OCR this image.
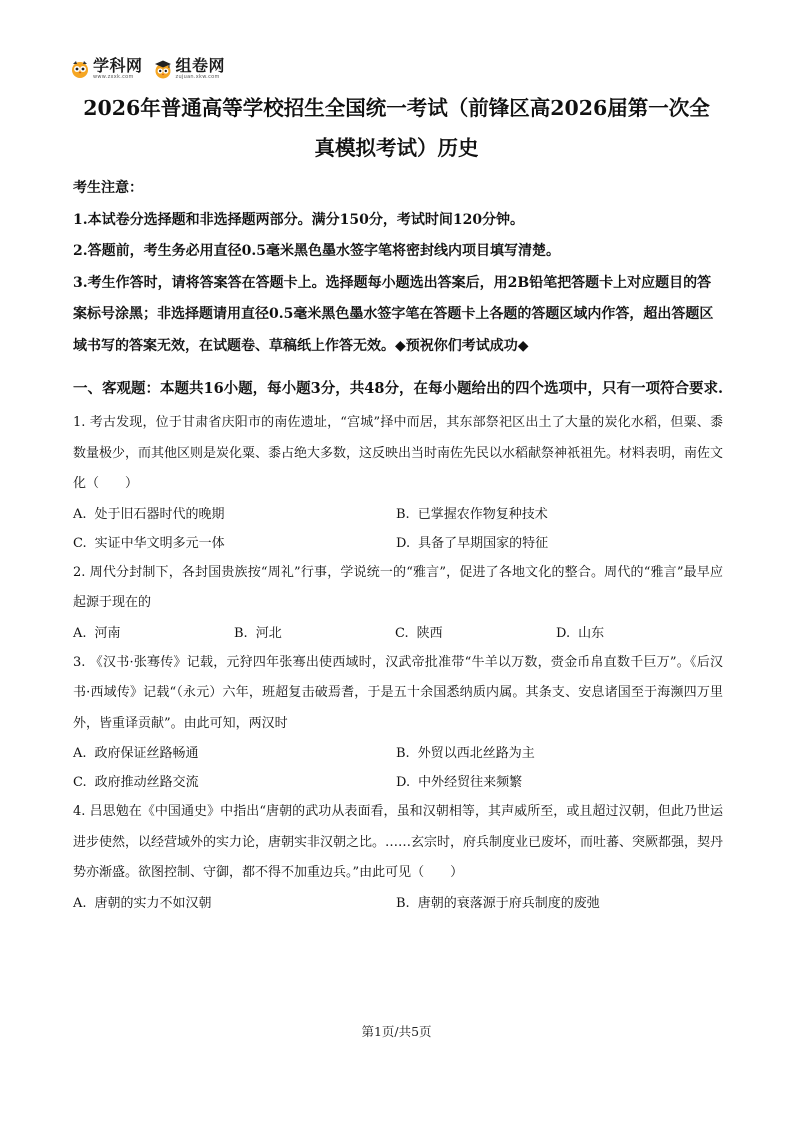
学科网
www.zxxk.com
组卷网
zujuan.xkw.com
2026年普通高等学校招生全国统一考试（前锋区高2026届第一次全
真模拟考试）历史

考生注意：

1.本试卷分选择题和非选择题两部分。满分150分，考试时间120分钟。

2.答题前，考生务必用直径0.5毫米黑色墨水签字笔将密封线内项目填写清楚。

3.考生作答时，请将答案答在答题卡上。选择题每小题选出答案后，用2B铅笔把答题卡上对应题目的答案标号涂黑；非选择题请用直径0.5毫米黑色墨水签字笔在答题卡上各题的答题区域内作答，超出答题区域书写的答案无效，在试题卷、草稿纸上作答无效。◆预祝你们考试成功◆

一、客观题：本题共16小题，每小题3分，共48分，在每小题给出的四个选项中，只有一项符合要求.

1. 考古发现，位于甘肃省庆阳市的南佐遗址，“宫城”择中而居，其东部祭祀区出土了大量的炭化水稻，但粟、黍数量极少，而其他区则是炭化粟、黍占绝大多数，这反映出当时南佐先民以水稻献祭神祇祖先。材料表明，南佐文化（　　）

A. 处于旧石器时代的晚期	B. 已掌握农作物复种技术
C. 实证中华文明多元一体	D. 具备了早期国家的特征

2. 周代分封制下，各封国贵族按“周礼”行事，学说统一的“雅言”，促进了各地文化的整合。周代的“雅言”最早应起源于现在的

A. 河南	B. 河北	C. 陕西	D. 山东

3. 《汉书·张骞传》记载，元狩四年张骞出使西域时，汉武帝批准带“牛羊以万数，赍金币帛直数千巨万”。《后汉书·西域传》记载“（永元）六年，班超复击破焉耆，于是五十余国悉纳质内属。其条支、安息诸国至于海濒四万里外，皆重译贡献”。由此可知，两汉时

A. 政府保证丝路畅通	B. 外贸以西北丝路为主
C. 政府推动丝路交流	D. 中外经贸往来频繁

4. 吕思勉在《中国通史》中指出“唐朝的武功从表面看，虽和汉朝相等，其声威所至，或且超过汉朝，但此乃世运进步使然，以经营域外的实力论，唐朝实非汉朝之比。……玄宗时，府兵制度业已废坏，而吐蕃、突厥都强，契丹势亦渐盛。欲图控制、守御，都不得不加重边兵。”由此可见（　　）

A. 唐朝的实力不如汉朝	B. 唐朝的衰落源于府兵制度的废弛
第1页/共5页
